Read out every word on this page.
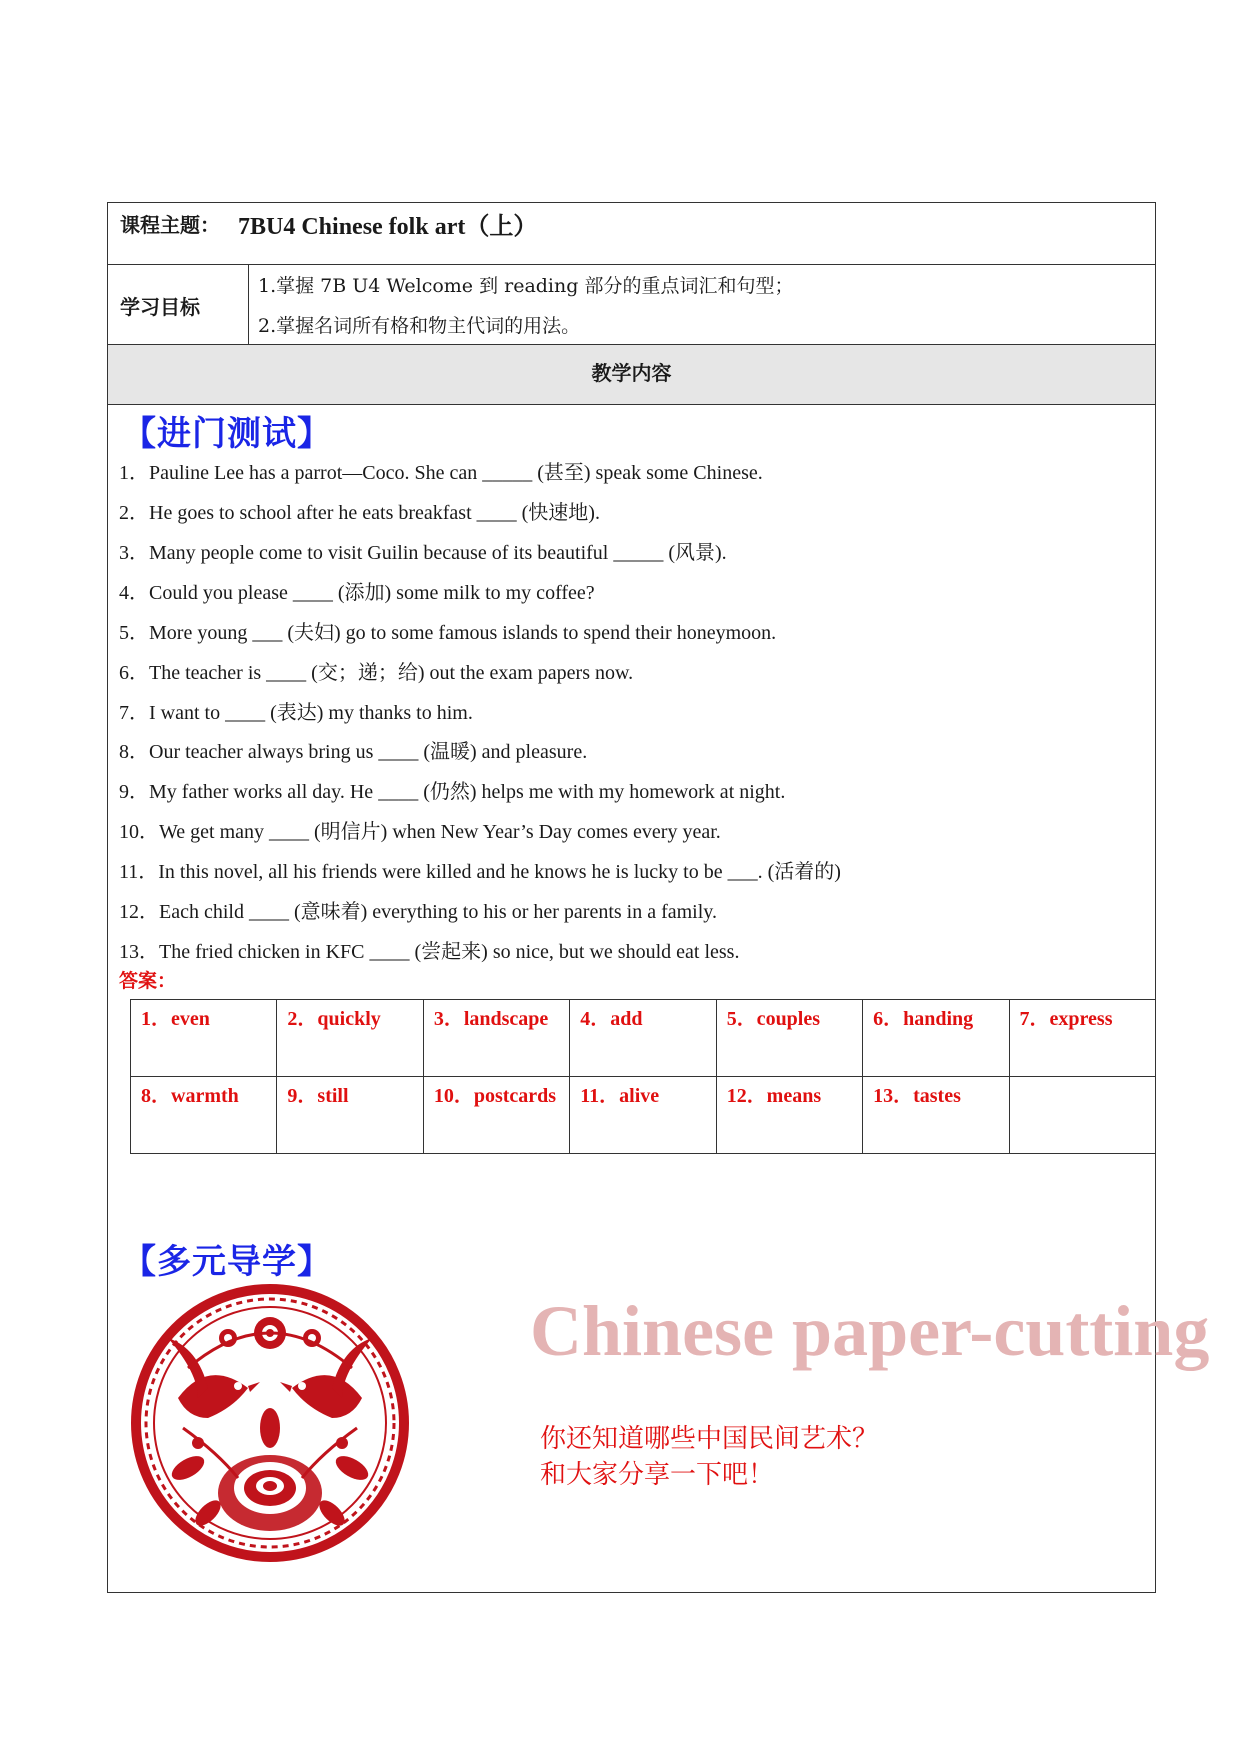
课程主题： 7BU4 Chinese folk art（上）
学习目标
1.掌握 7B U4 Welcome 到 reading 部分的重点词汇和句型；
2.掌握名词所有格和物主代词的用法。
教学内容
【进门测试】
1．Pauline Lee has a parrot—Coco. She can _____ (甚至) speak some Chinese.
2．He goes to school after he eats breakfast ____ (快速地).
3．Many people come to visit Guilin because of its beautiful _____ (风景).
4．Could you please ____ (添加) some milk to my coffee?
5．More young ___ (夫妇) go to some famous islands to spend their honeymoon.
6．The teacher is ____ (交；递；给) out the exam papers now.
7．I want to ____ (表达) my thanks to him.
8．Our teacher always bring us ____ (温暖) and pleasure.
9．My father works all day. He ____ (仍然) helps me with my homework at night.
10．We get many ____ (明信片) when New Year’s Day comes every year.
11．In this novel, all his friends were killed and he knows he is lucky to be ___. (活着的)
12．Each child ____ (意味着) everything to his or her parents in a family.
13．The fried chicken in KFC ____ (尝起来) so nice, but we should eat less.
答案：
1．even	2．quickly	3．landscape	4．add	5．couples	6．handing	7．express
8．warmth	9．still	10．postcards	11．alive	12．means	13．tastes	
【多元导学】
Chinese paper-cutting
你还知道哪些中国民间艺术？
和大家分享一下吧！
